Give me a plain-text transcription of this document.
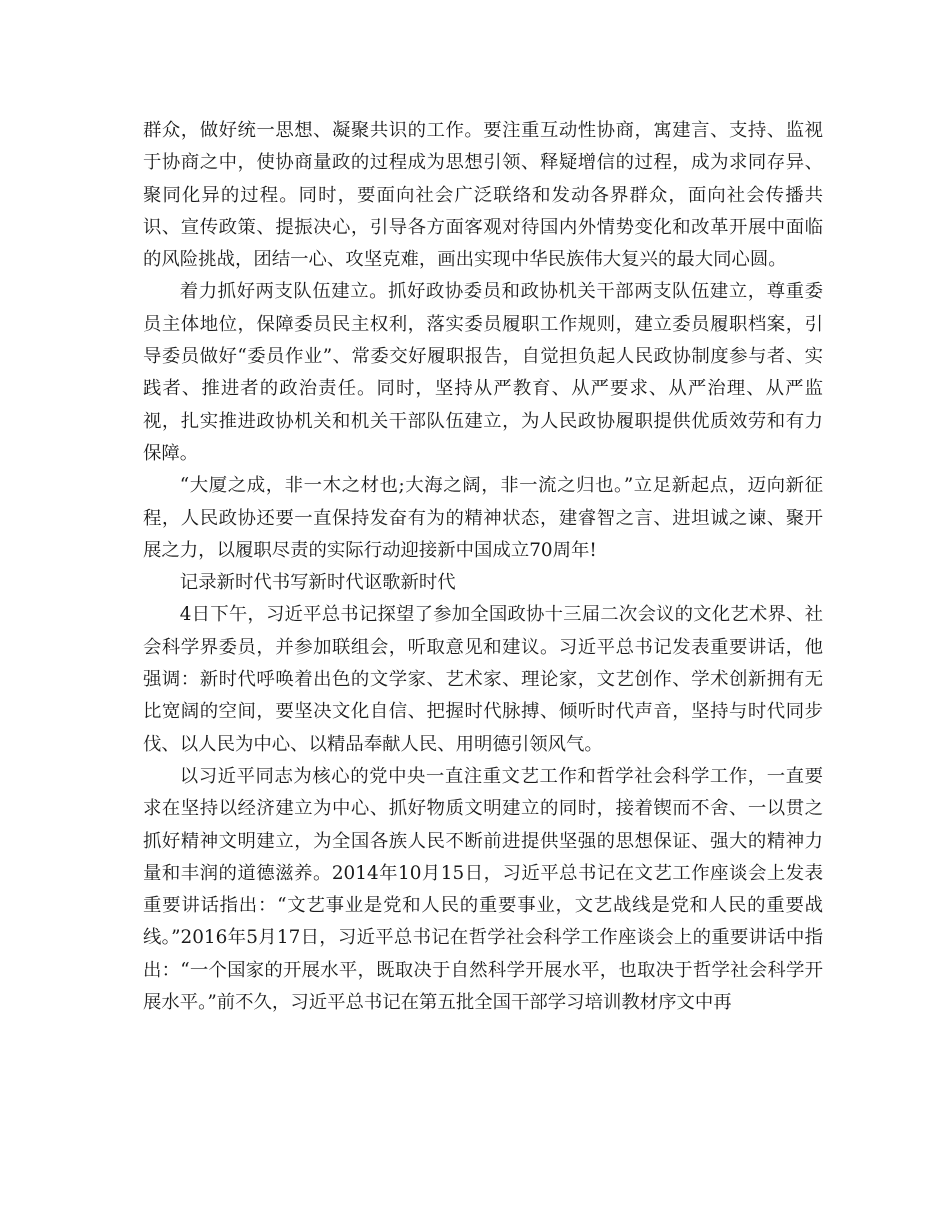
群众，做好统一思想、凝聚共识的工作。要注重互动性协商，寓建言、支持、监视于协商之中，使协商量政的过程成为思想引领、释疑增信的过程，成为求同存异、聚同化异的过程。同时，要面向社会广泛联络和发动各界群众，面向社会传播共识、宣传政策、提振决心，引导各方面客观对待国内外情势变化和改革开展中面临的风险挑战，团结一心、攻坚克难，画出实现中华民族伟大复兴的最大同心圆。

着力抓好两支队伍建立。抓好政协委员和政协机关干部两支队伍建立，尊重委员主体地位，保障委员民主权利，落实委员履职工作规则，建立委员履职档案，引导委员做好“委员作业”、常委交好履职报告，自觉担负起人民政协制度参与者、实践者、推进者的政治责任。同时，坚持从严教育、从严要求、从严治理、从严监视，扎实推进政协机关和机关干部队伍建立，为人民政协履职提供优质效劳和有力保障。

“大厦之成，非一木之材也;大海之阔，非一流之归也。”立足新起点，迈向新征程，人民政协还要一直保持发奋有为的精神状态，建睿智之言、进坦诚之谏、聚开展之力，以履职尽责的实际行动迎接新中国成立70周年!

记录新时代书写新时代讴歌新时代

4日下午，习近平总书记探望了参加全国政协十三届二次会议的文化艺术界、社会科学界委员，并参加联组会，听取意见和建议。习近平总书记发表重要讲话，他强调：新时代呼唤着出色的文学家、艺术家、理论家，文艺创作、学术创新拥有无比宽阔的空间，要坚决文化自信、把握时代脉搏、倾听时代声音，坚持与时代同步伐、以人民为中心、以精品奉献人民、用明德引领风气。

以习近平同志为核心的党中央一直注重文艺工作和哲学社会科学工作，一直要求在坚持以经济建立为中心、抓好物质文明建立的同时，接着锲而不舍、一以贯之抓好精神文明建立，为全国各族人民不断前进提供坚强的思想保证、强大的精神力量和丰润的道德滋养。2014年10月15日，习近平总书记在文艺工作座谈会上发表重要讲话指出：“文艺事业是党和人民的重要事业，文艺战线是党和人民的重要战线。”2016年5月17日，习近平总书记在哲学社会科学工作座谈会上的重要讲话中指出：“一个国家的开展水平，既取决于自然科学开展水平，也取决于哲学社会科学开展水平。”前不久，习近平总书记在第五批全国干部学习培训教材序文中再
